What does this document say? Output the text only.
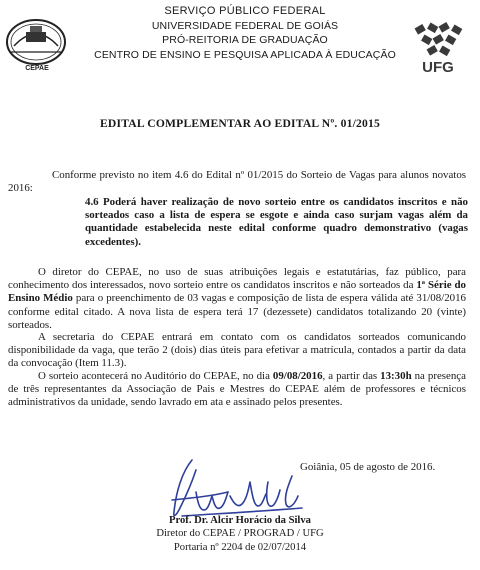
CEPAE
SERVIÇO PÚBLICO FEDERAL
UNIVERSIDADE FEDERAL DE GOIÁS
PRÓ-REITORIA DE GRADUAÇÃO
CENTRO DE ENSINO E PESQUISA APLICADA À EDUCAÇÃO
UFG
EDITAL COMPLEMENTAR AO EDITAL Nº. 01/2015
Conforme previsto no item 4.6 do Edital nº 01/2015 do Sorteio de Vagas para alunos novatos 2016:
4.6 Poderá haver realização de novo sorteio entre os candidatos inscritos e não sorteados caso a lista de espera se esgote e ainda caso surjam vagas além da quantidade estabelecida neste edital conforme quadro demonstrativo (vagas excedentes).
O diretor do CEPAE, no uso de suas atribuições legais e estatutárias, faz público, para conhecimento dos interessados, novo sorteio entre os candidatos inscritos e não sorteados da 1ª Série do Ensino Médio para o preenchimento de 03 vagas e composição de lista de espera válida até 31/08/2016 conforme edital citado. A nova lista de espera terá 17 (dezessete) candidatos totalizando 20 (vinte) sorteados.
A secretaria do CEPAE entrará em contato com os candidatos sorteados comunicando disponibilidade da vaga, que terão 2 (dois) dias úteis para efetivar a matrícula, contados a partir da data da convocação (Item 11.3).
O sorteio acontecerá no Auditório do CEPAE, no dia 09/08/2016, a partir das 13:30h na presença de três representantes da Associação de Pais e Mestres do CEPAE além de professores e técnicos administrativos da unidade, sendo lavrado em ata e assinado pelos presentes.
Goiânia, 05 de agosto de 2016.
Prof. Dr. Alcir Horácio da Silva
Diretor do CEPAE / PROGRAD / UFG
Portaria nº 2204 de 02/07/2014
